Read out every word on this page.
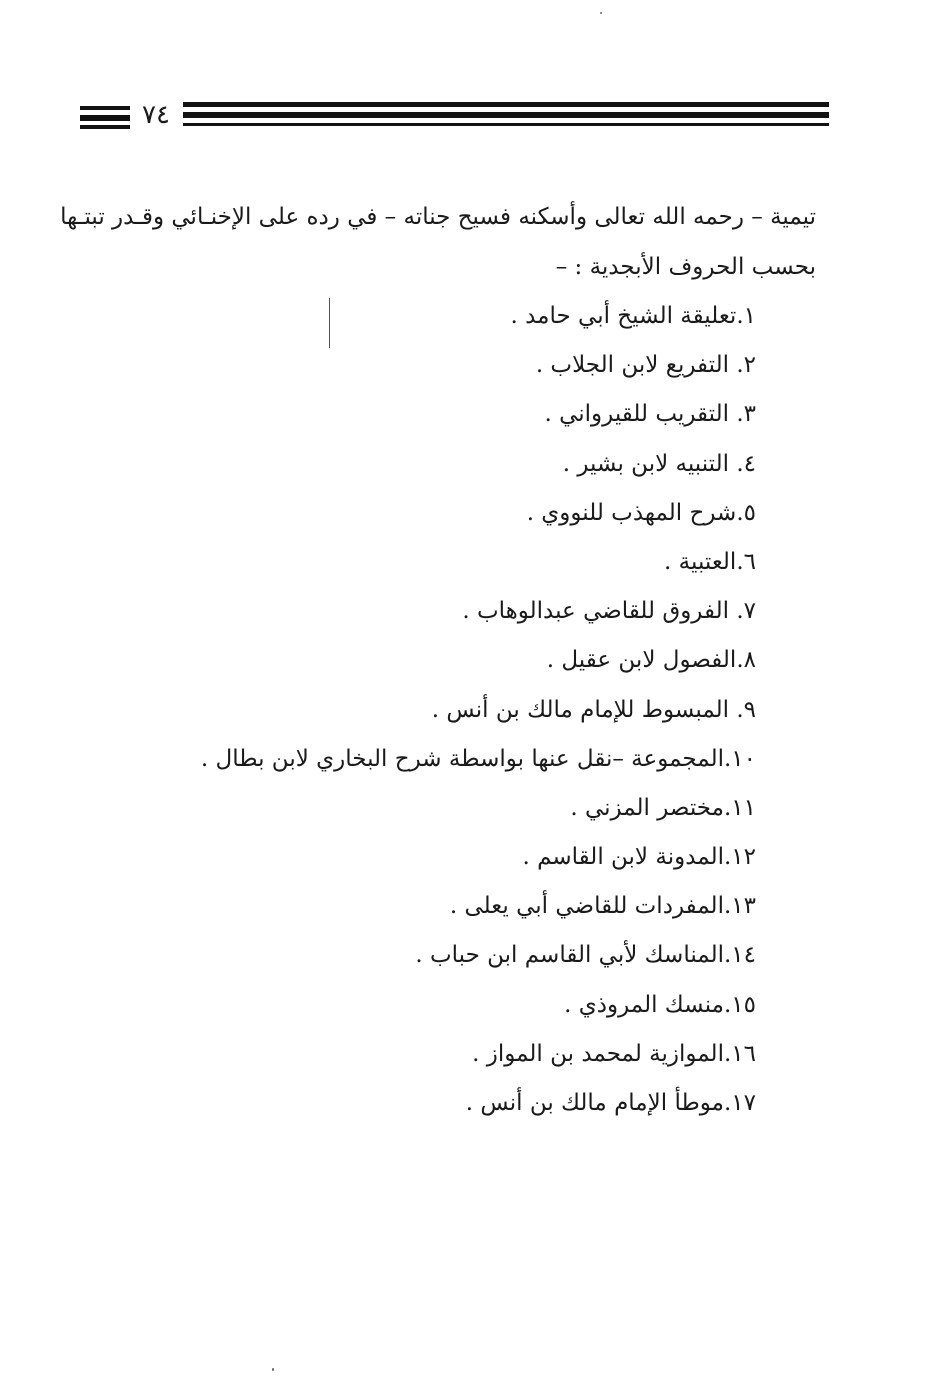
٧٤
تيمية – رحمه الله تعالى وأسكنه فسيح جناته – في رده على الإخنـائي وقـدر تبتـها
بحسب الحروف الأبجدية : –
١.تعليقة الشيخ أبي حامد .
٢. التفريع لابن الجلاب .
٣. التقريب للقيرواني .
٤. التنبيه لابن بشير .
٥.شرح المهذب للنووي .
٦.العتبية .
٧. الفروق للقاضي عبدالوهاب .
٨.الفصول لابن عقيل .
٩. المبسوط للإمام مالك بن أنس .
١٠.المجموعة –نقل عنها بواسطة شرح البخاري لابن بطال .
١١.مختصر المزني .
١٢.المدونة لابن القاسم .
١٣.المفردات للقاضي أبي يعلى .
١٤.المناسك لأبي القاسم ابن حباب .
١٥.منسك المروذي .
١٦.الموازية لمحمد بن المواز .
١٧.موطأ الإمام مالك بن أنس .
